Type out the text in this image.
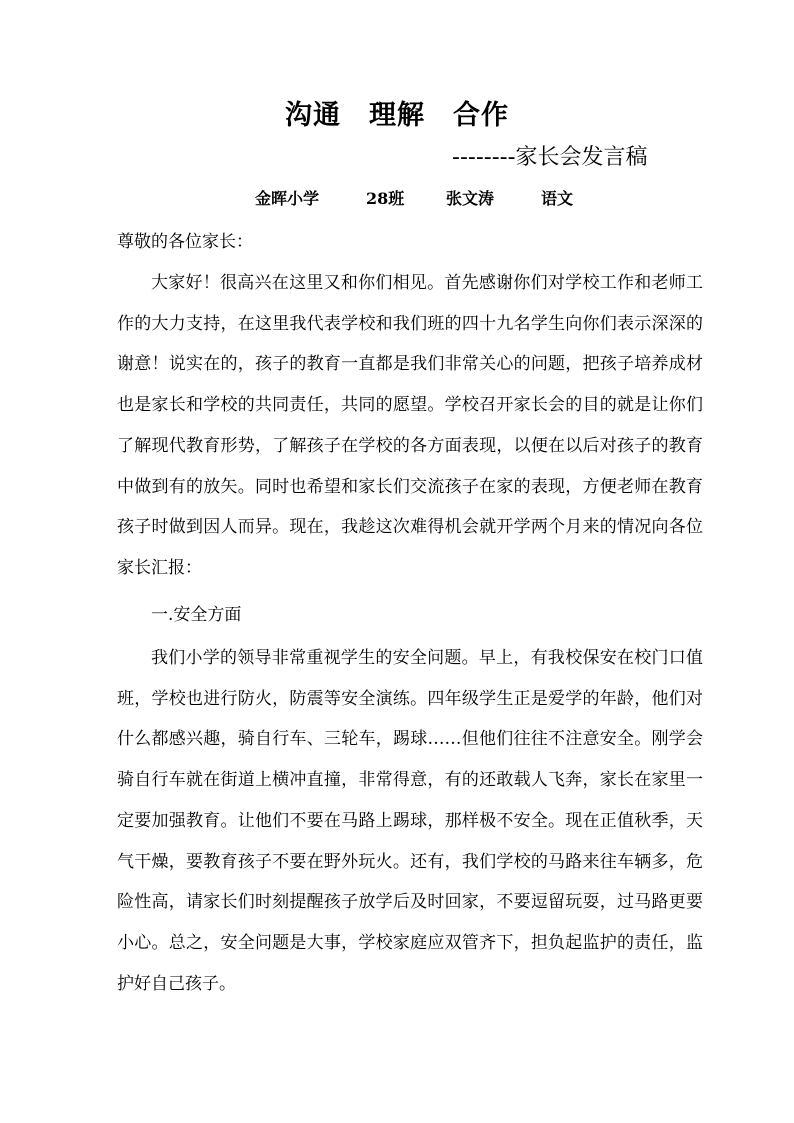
沟通　理解　合作
--------家长会发言稿
金晖小学	28班	张文涛	语文
尊敬的各位家长：

大家好！很高兴在这里又和你们相见。首先感谢你们对学校工作和老师工作的大力支持，在这里我代表学校和我们班的四十九名学生向你们表示深深的谢意！说实在的，孩子的教育一直都是我们非常关心的问题，把孩子培养成材也是家长和学校的共同责任，共同的愿望。学校召开家长会的目的就是让你们了解现代教育形势，了解孩子在学校的各方面表现，以便在以后对孩子的教育中做到有的放矢。同时也希望和家长们交流孩子在家的表现，方便老师在教育孩子时做到因人而异。现在，我趁这次难得机会就开学两个月来的情况向各位家长汇报：

一.安全方面

我们小学的领导非常重视学生的安全问题。早上，有我校保安在校门口值班，学校也进行防火，防震等安全演练。四年级学生正是爱学的年龄，他们对什么都感兴趣，骑自行车、三轮车，踢球……但他们往往不注意安全。刚学会骑自行车就在街道上横冲直撞，非常得意，有的还敢载人飞奔，家长在家里一定要加强教育。让他们不要在马路上踢球，那样极不安全。现在正值秋季，天气干燥，要教育孩子不要在野外玩火。还有，我们学校的马路来往车辆多，危险性高，请家长们时刻提醒孩子放学后及时回家，不要逗留玩耍，过马路更要小心。总之，安全问题是大事，学校家庭应双管齐下，担负起监护的责任，监护好自己孩子。
